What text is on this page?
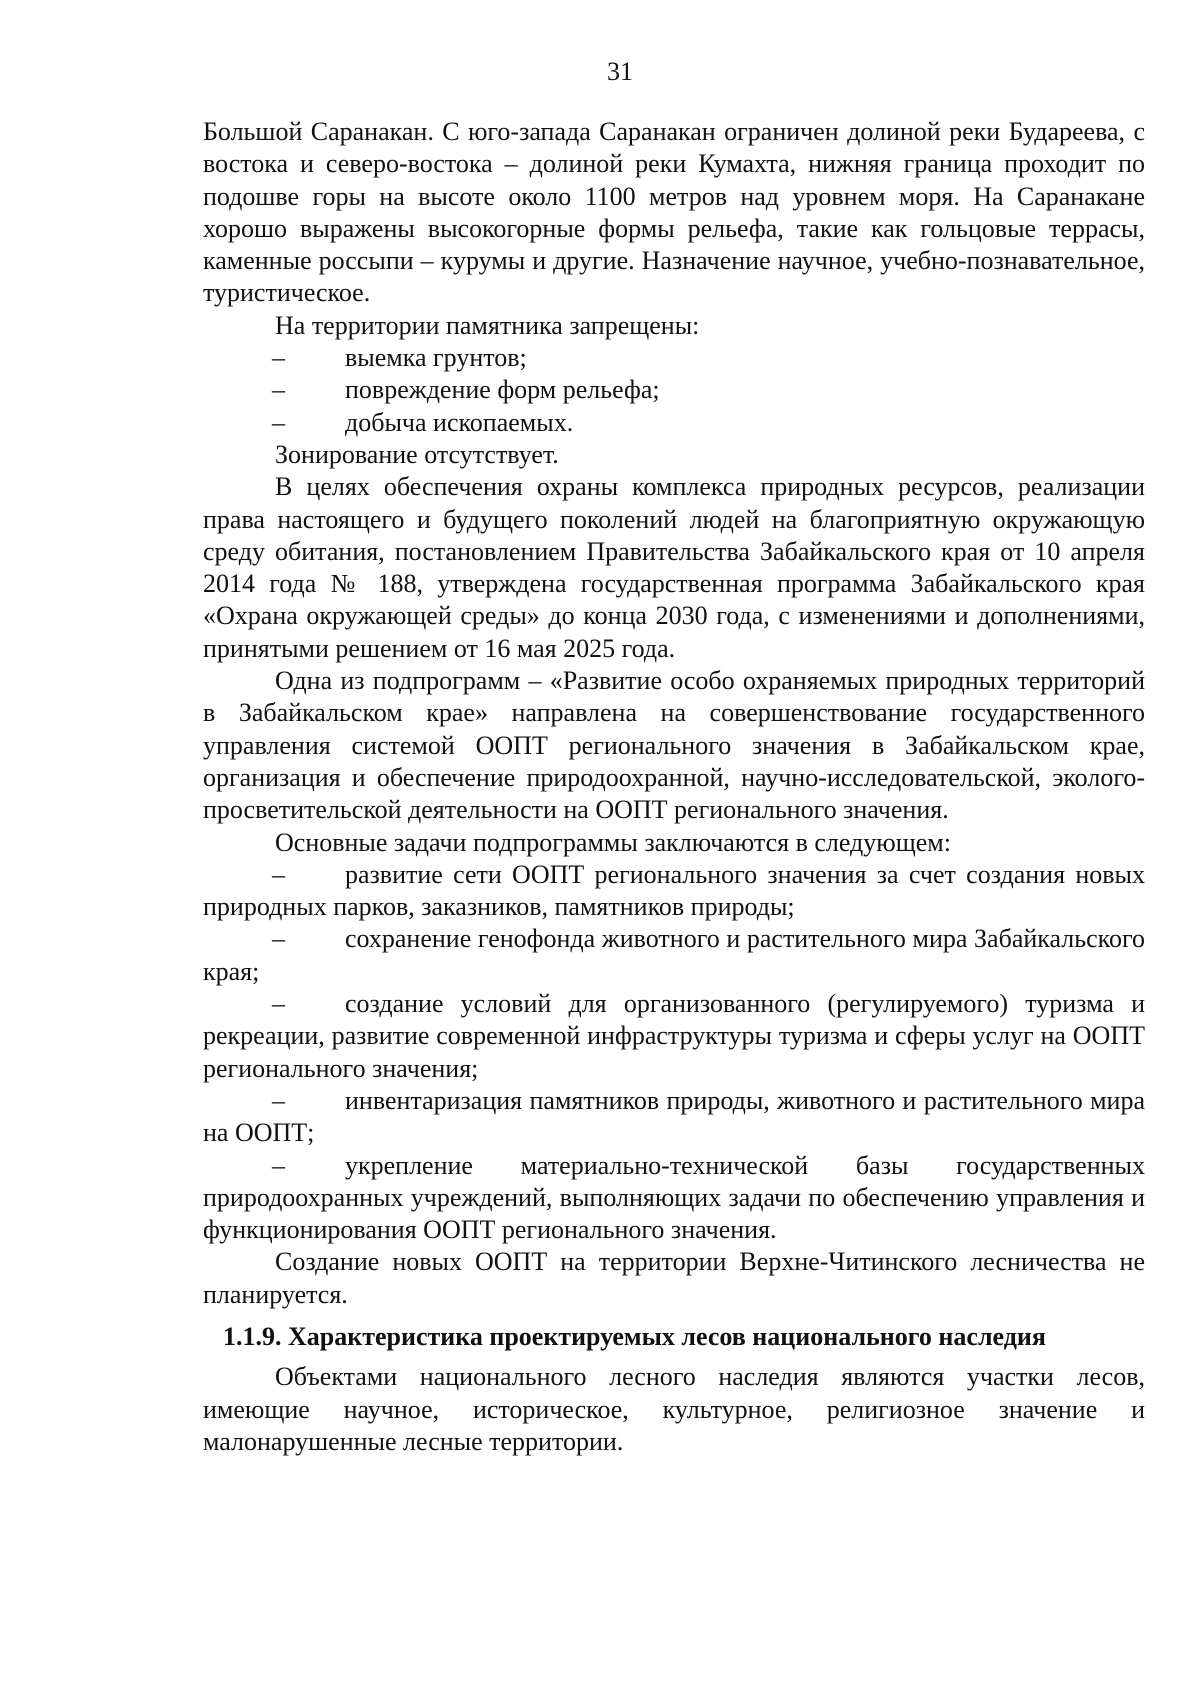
31

Большой Саранакан. С юго-запада Саранакан ограничен долиной реки Бударeева, с востока и северо-востока – долиной реки Кумахта, нижняя граница проходит по подошве горы на высоте около 1100 метров над уровнем моря. На Саранакане хорошо выражены высокогорные формы рельефа, такие как гольцовые террасы, каменные россыпи – курумы и другие. Назначение научное, учебно-познавательное, туристическое.

На территории памятника запрещены:

– выемка грунтов;

– повреждение форм рельефа;

– добыча ископаемых.

Зонирование отсутствует.

В целях обеспечения охраны комплекса природных ресурсов, реализации права настоящего и будущего поколений людей на благоприятную окружающую среду обитания, постановлением Правительства Забайкальского края от 10 апреля 2014 года № 188, утверждена государственная программа Забайкальского края «Охрана окружающей среды» до конца 2030 года, с изменениями и дополнениями, принятыми решением от 16 мая 2025 года.

Одна из подпрограмм – «Развитие особо охраняемых природных территорий в Забайкальском крае» направлена на совершенствование государственного управления системой ООПТ регионального значения в Забайкальском крае, организация и обеспечение природоохранной, научно-исследовательской, эколого-просветительской деятельности на ООПТ регионального значения.

Основные задачи подпрограммы заключаются в следующем:

– развитие сети ООПТ регионального значения за счет создания новых природных парков, заказников, памятников природы;

– сохранение генофонда животного и растительного мира Забайкальского края;

– создание условий для организованного (регулируемого) туризма и рекреации, развитие современной инфраструктуры туризма и сферы услуг на ООПТ регионального значения;

– инвентаризация памятников природы, животного и растительного мира на ООПТ;

– укрепление материально-технической базы государственных природоохранных учреждений, выполняющих задачи по обеспечению управления и функционирования ООПТ регионального значения.

Создание новых ООПТ на территории Верхне-Читинского лесничества не планируется.

1.1.9. Характеристика проектируемых лесов национального наследия

Объектами национального лесного наследия являются участки лесов, имеющие научное, историческое, культурное, религиозное значение и малонарушенные лесные территории.
